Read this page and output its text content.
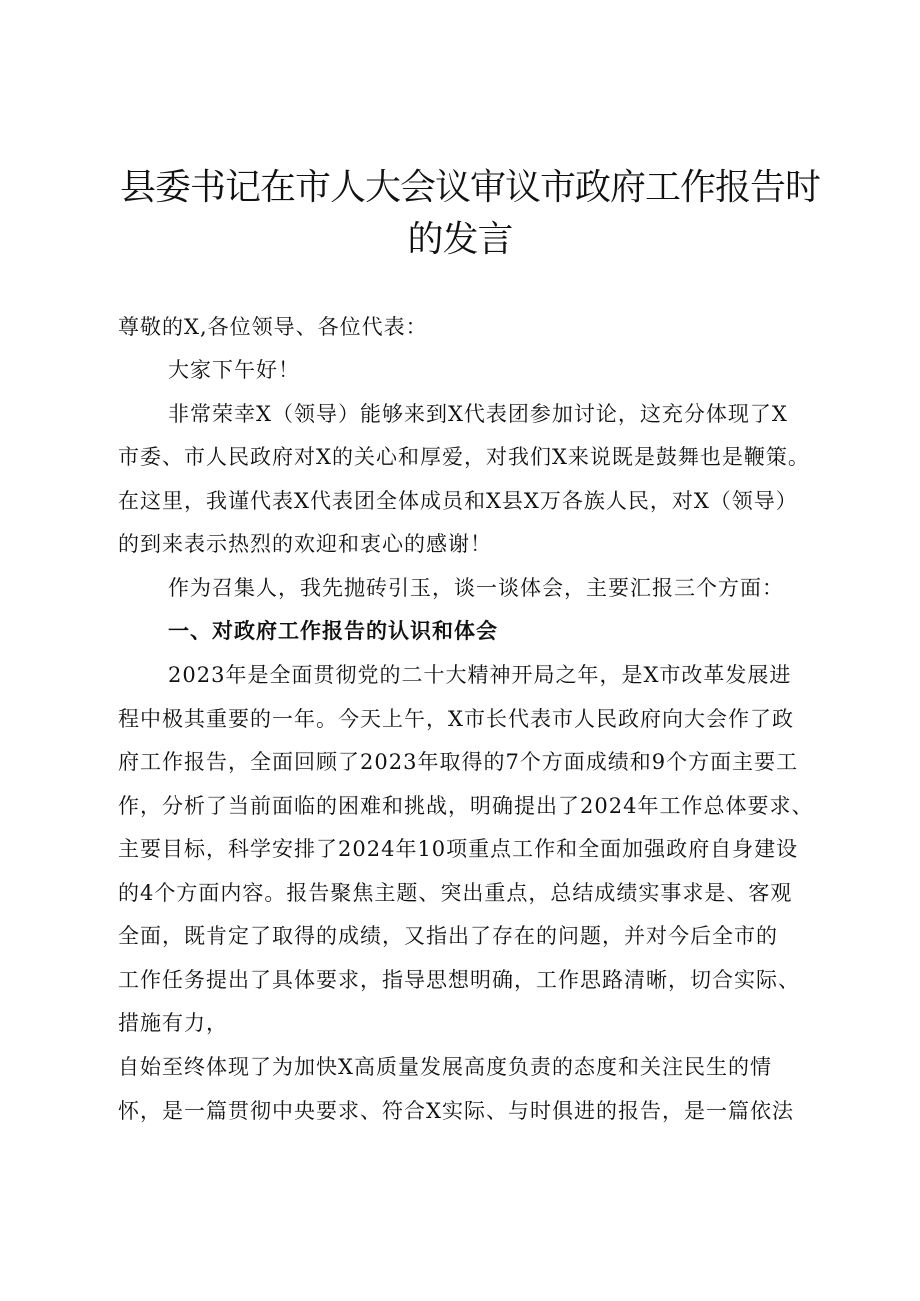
县委书记在市人大会议审议市政府工作报告时
的发言
尊敬的X,各位领导、各位代表：
大家下午好！
非常荣幸X（领导）能够来到X代表团参加讨论，这充分体现了X
市委、市人民政府对X的关心和厚爱，对我们X来说既是鼓舞也是鞭策。
在这里，我谨代表X代表团全体成员和X县X万各族人民，对X（领导）
的到来表示热烈的欢迎和衷心的感谢！
作为召集人，我先抛砖引玉，谈一谈体会，主要汇报三个方面：
一、对政府工作报告的认识和体会
2023年是全面贯彻党的二十大精神开局之年，是X市改革发展进
程中极其重要的一年。今天上午，X市长代表市人民政府向大会作了政
府工作报告，全面回顾了2023年取得的7个方面成绩和9个方面主要工
作，分析了当前面临的困难和挑战，明确提出了2024年工作总体要求、
主要目标，科学安排了2024年10项重点工作和全面加强政府自身建设
的4个方面内容。报告聚焦主题、突出重点，总结成绩实事求是、客观
全面，既肯定了取得的成绩，又指出了存在的问题，并对今后全市的
工作任务提出了具体要求，指导思想明确，工作思路清晰，切合实际、
措施有力，
自始至终体现了为加快X高质量发展高度负责的态度和关注民生的情
怀，是一篇贯彻中央要求、符合X实际、与时俱进的报告，是一篇依法
